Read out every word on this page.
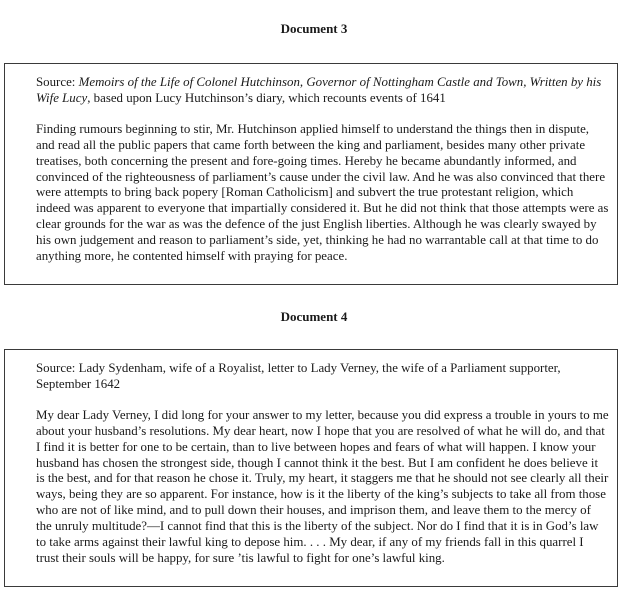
Document 3

Source: Memoirs of the Life of Colonel Hutchinson, Governor of Nottingham Castle and Town, Written by his Wife Lucy, based upon Lucy Hutchinson’s diary, which recounts events of 1641

Finding rumours beginning to stir, Mr. Hutchinson applied himself to understand the things then in dispute, and read all the public papers that came forth between the king and parliament, besides many other private treatises, both concerning the present and fore-going times. Hereby he became abundantly informed, and convinced of the righteousness of parliament’s cause under the civil law. And he was also convinced that there were attempts to bring back popery [Roman Catholicism] and subvert the true protestant religion, which indeed was apparent to everyone that impartially considered it. But he did not think that those attempts were as clear grounds for the war as was the defence of the just English liberties. Although he was clearly swayed by his own judgement and reason to parliament’s side, yet, thinking he had no warrantable call at that time to do anything more, he contented himself with praying for peace.

Document 4

Source: Lady Sydenham, wife of a Royalist, letter to Lady Verney, the wife of a Parliament supporter, September 1642

My dear Lady Verney, I did long for your answer to my letter, because you did express a trouble in yours to me about your husband’s resolutions. My dear heart, now I hope that you are resolved of what he will do, and that I find it is better for one to be certain, than to live between hopes and fears of what will happen. I know your husband has chosen the strongest side, though I cannot think it the best. But I am confident he does believe it is the best, and for that reason he chose it. Truly, my heart, it staggers me that he should not see clearly all their ways, being they are so apparent. For instance, how is it the liberty of the king’s subjects to take all from those who are not of like mind, and to pull down their houses, and imprison them, and leave them to the mercy of the unruly multitude?—I cannot find that this is the liberty of the subject. Nor do I find that it is in God’s law to take arms against their lawful king to depose him. . . . My dear, if any of my friends fall in this quarrel I trust their souls will be happy, for sure ’tis lawful to fight for one’s lawful king.
